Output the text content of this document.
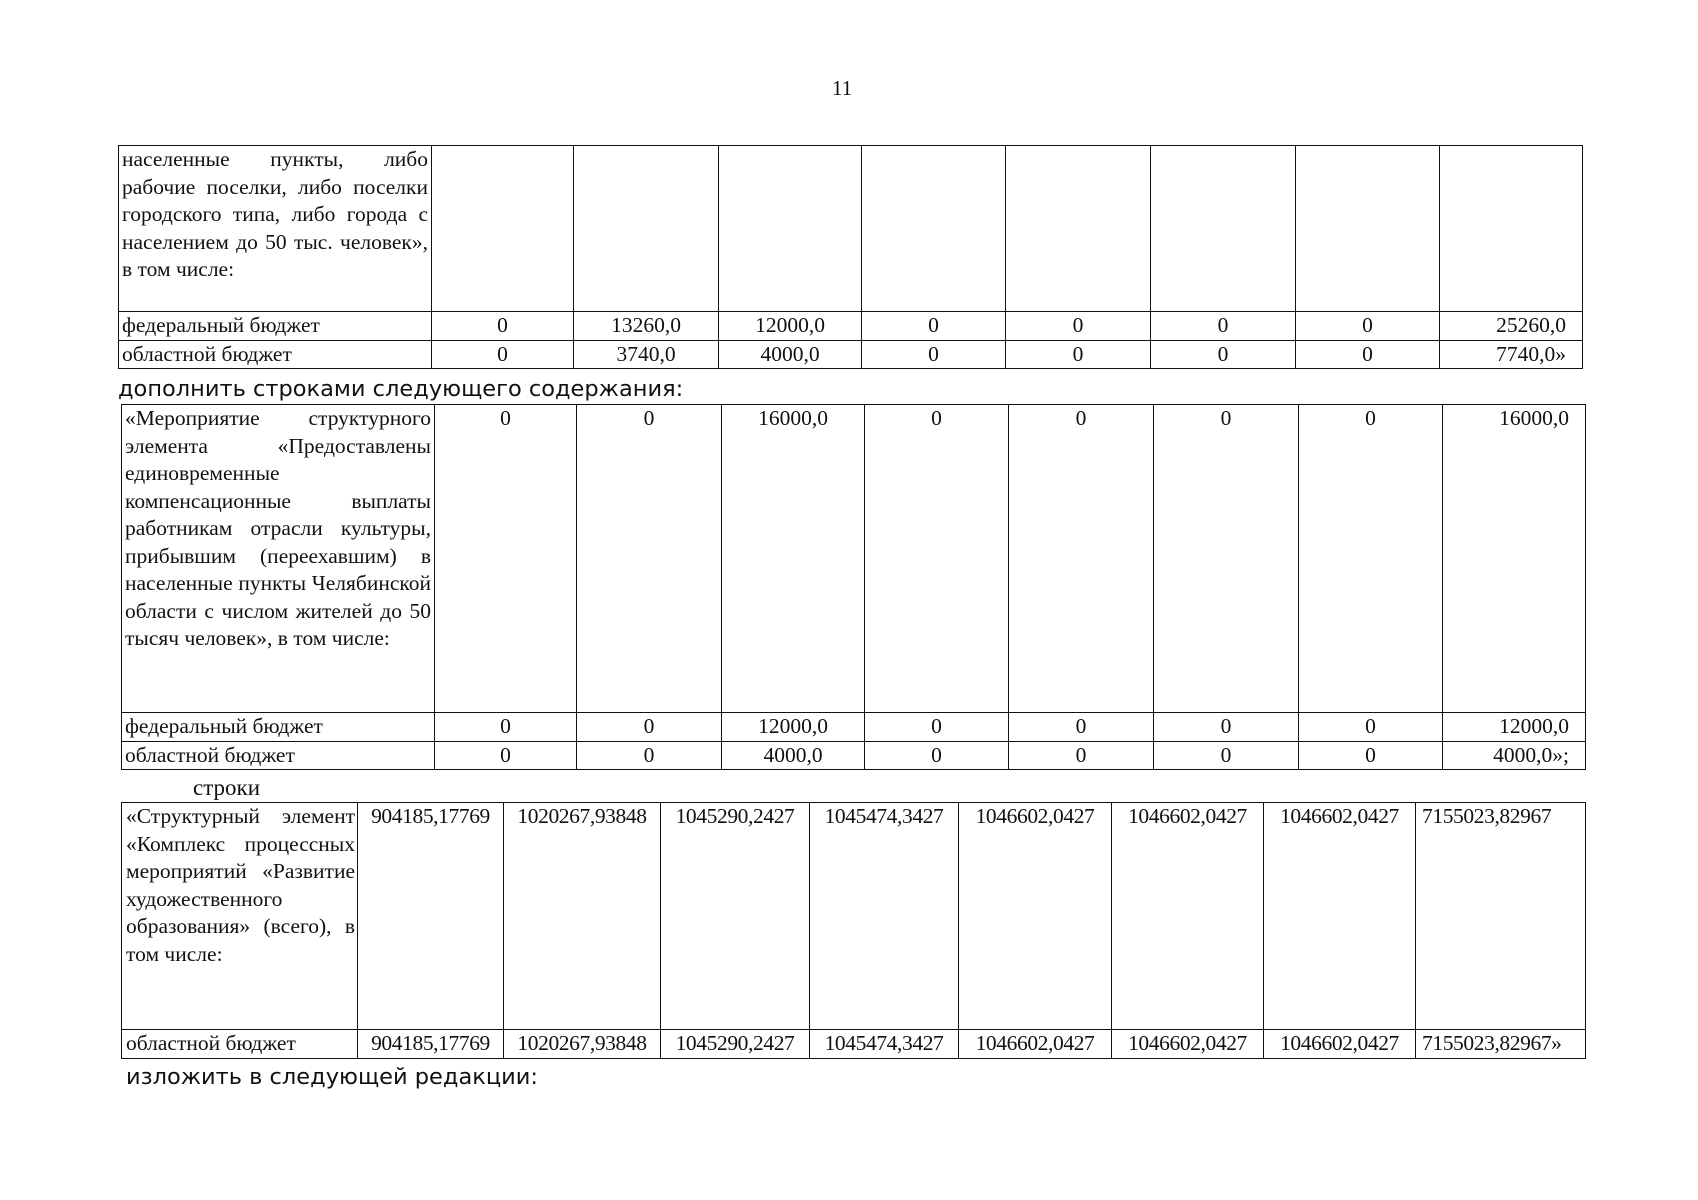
11
населенные пункты, либо рабочие поселки, либо поселки городского типа, либо города с населением до 50 тыс. человек», в том числе:								
федеральный бюджет	0	13260,0	12000,0	0	0	0	0	25260,0
областной бюджет	0	3740,0	4000,0	0	0	0	0	7740,0»
дополнить строками следующего содержания:
«Мероприятие структурного элемента «Предоставлены единовременные компенсационные выплаты работникам отрасли культуры, прибывшим (переехавшим) в населенные пункты Челябинской области с числом жителей до 50 тысяч человек», в том числе:	0	0	16000,0	0	0	0	0	16000,0
федеральный бюджет	0	0	12000,0	0	0	0	0	12000,0
областной бюджет	0	0	4000,0	0	0	0	0	4000,0»;
строки
«Структурный элемент «Комплекс процессных мероприятий «Развитие художественного образования» (всего), в том числе:	904185,17769	1020267,93848	1045290,2427	1045474,3427	1046602,0427	1046602,0427	1046602,0427	7155023,82967
областной бюджет	904185,17769	1020267,93848	1045290,2427	1045474,3427	1046602,0427	1046602,0427	1046602,0427	7155023,82967»
изложить в следующей редакции:
